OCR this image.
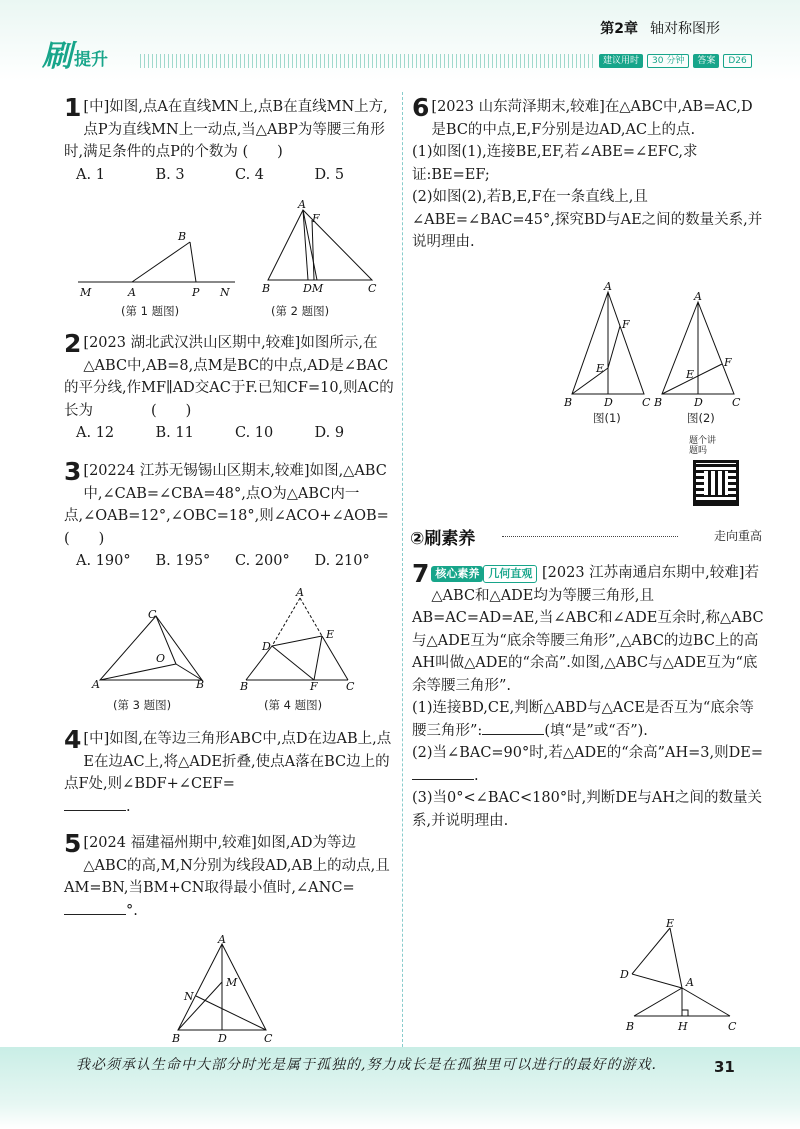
第2章 轴对称图形
刷 提升	建议用时	30 分钟	答案	D26
1 [中]如图,点A在直线MN上,点B在直线MN上方,点P为直线MN上一动点,当△ABP为等腰三角形时,满足条件的点P的个数为 (　　)
A. 1	B. 3	C. 4	D. 5
M	A
B
P N
A
F
B	DM	C
(第 1 题图)	(第 2 题图)
2 [2023 湖北武汉洪山区期中,较难]如图所示,在△ABC中,AB=8,点M是BC的中点,AD是∠BAC的平分线,作MF∥AD交AC于F.已知CF=10,则AC的长为　　　　(　　)
A. 12	B. 11	C. 10	D. 9
3 [20224 江苏无锡锡山区期末,较难]如图,△ABC中,∠CAB=∠CBA=48°,点O为△ABC内一点,∠OAB=12°,∠OBC=18°,则∠ACO+∠AOB=　　　　　　　　　　(　　)
A. 190°	B. 195°	C. 200°	D. 210°
C
O
A	B
A
D
E
B	F	C
(第 3 题图)	(第 4 题图)
4 [中]如图,在等边三角形ABC中,点D在边AB上,点E在边AC上,将△ADE折叠,使点A落在BC边上的点F处,则∠BDF+∠CEF=
.
5 [2024 福建福州期中,较难]如图,AD为等边△ABC的高,M,N分别为线段AD,AB上的动点,且AM=BN,当BM+CN取得最小值时,∠ANC=°.
A
M
N
B	D	C
6 [2023 山东菏泽期末,较难]在△ABC中,AB=AC,D是BC的中点,E,F分别是边AD,AC上的点.
(1)如图(1),连接BE,EF,若∠ABE=∠EFC,求证:BE=EF;
(2)如图(2),若B,E,F在一条直线上,且∠ABE=∠BAC=45°,探究BD与AE之间的数量关系,并说明理由.
A
F
E
B	D	C
A
F
E
B	D	C
图(1)	图(2)
题个讲题吗
②刷素养	走向重高
7 核心素养 几何直观 [2023 江苏南通启东期中,较难]若△ABC和△ADE均为等腰三角形,且AB=AC=AD=AE,当∠ABC和∠ADE互余时,称△ABC与△ADE互为“底余等腰三角形”,△ABC的边BC上的高AH叫做△ADE的“余高”.如图,△ABC与△ADE互为“底余等腰三角形”.
(1)连接BD,CE,判断△ABD与△ACE是否互为“底余等腰三角形”:	(填“是”或“否”).
(2)当∠BAC=90°时,若△ADE的“余高”AH=3,则DE=.
(3)当0°<∠BAC<180°时,判断DE与AH之间的数量关系,并说明理由.
E
D
A
B	H	C
我必须承认生命中大部分时光是属于孤独的,努力成长是在孤独里可以进行的最好的游戏.	31
